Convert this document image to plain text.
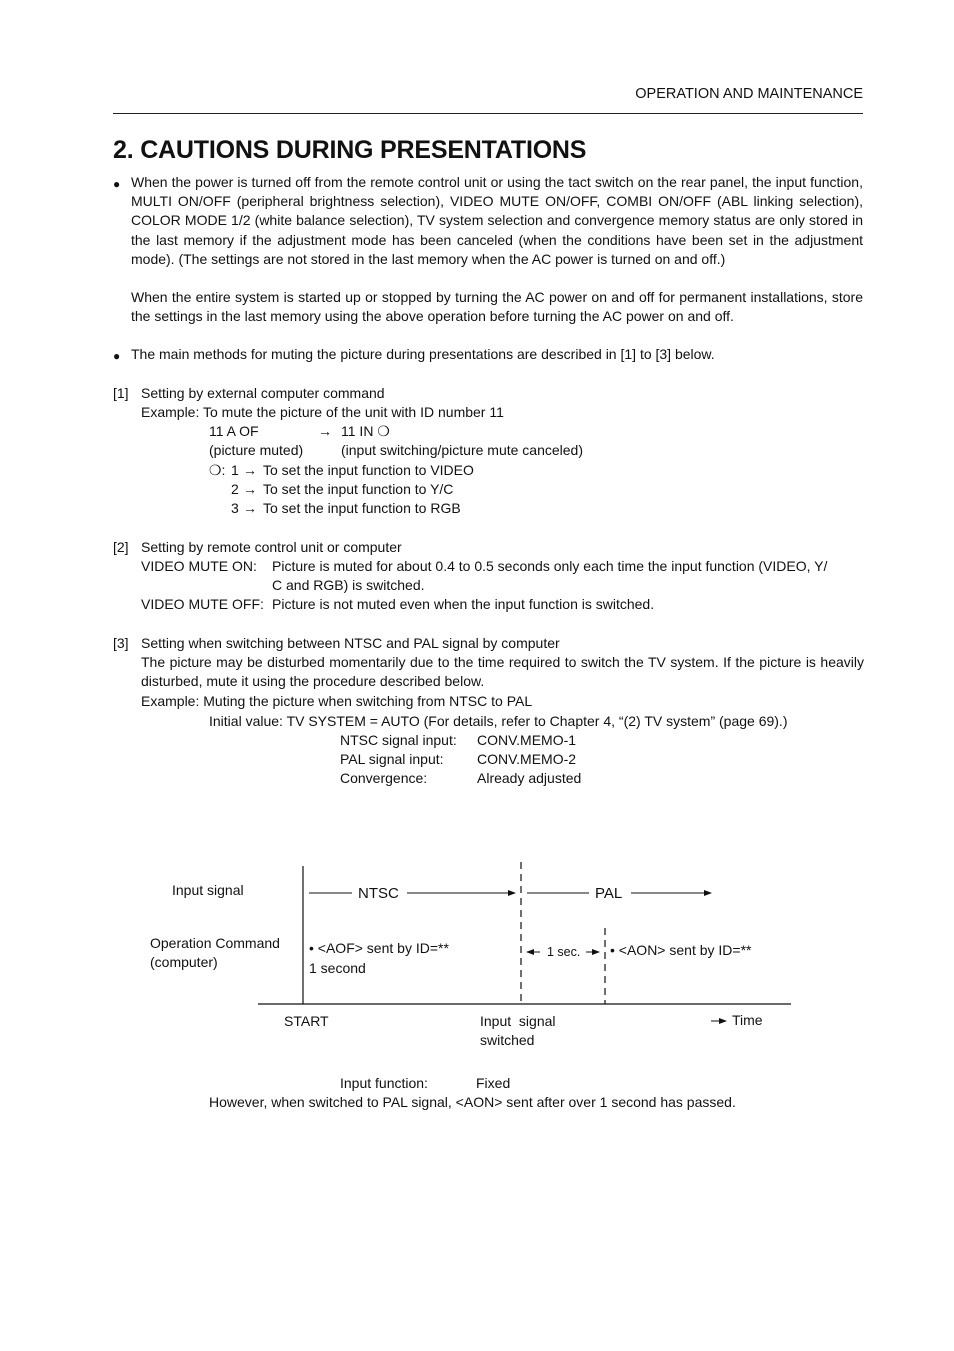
OPERATION AND MAINTENANCE
2. CAUTIONS DURING PRESENTATIONS
● When the power is turned off from the remote control unit or using the tact switch on the rear panel, the input function, MULTI ON/OFF (peripheral brightness selection), VIDEO MUTE ON/OFF, COMBI ON/OFF (ABL linking selection), COLOR MODE 1/2 (white balance selection), TV system selection and convergence memory status are only stored in the last memory if the adjustment mode has been canceled (when the conditions have been set in the adjustment mode). (The settings are not stored in the last memory when the AC power is turned on and off.)
When the entire system is started up or stopped by turning the AC power on and off for permanent installations, store the settings in the last memory using the above operation before turning the AC power on and off.
● The main methods for muting the picture during presentations are described in [1] to [3] below.
[1] Setting by external computer command
Example: To mute the picture of the unit with ID number 11
11 A OF	→ 11 IN ❍
(picture muted)	(input switching/picture mute canceled)
❍: 1 → To set the input function to VIDEO
2 → To set the input function to Y/C
3 → To set the input function to RGB
[2] Setting by remote control unit or computer
VIDEO MUTE ON: Picture is muted for about 0.4 to 0.5 seconds only each time the input function (VIDEO, Y/
C and RGB) is switched.
VIDEO MUTE OFF: Picture is not muted even when the input function is switched.
[3] Setting when switching between NTSC and PAL signal by computer
The picture may be disturbed momentarily due to the time required to switch the TV system. If the picture is heavily disturbed, mute it using the procedure described below.
Example: Muting the picture when switching from NTSC to PAL
Initial value: TV SYSTEM = AUTO (For details, refer to Chapter 4, “(2) TV system” (page 69).)
NTSC signal input: CONV.MEMO-1
PAL signal input: CONV.MEMO-2
Convergence:	Already adjusted
Input signal	NTSC	PAL
Operation Command
(computer)
• <AOF> sent by ID=**
1 second
1 sec. • <AON> sent by ID=**
START	Input  signal
switched
Time
Input function:	Fixed
However, when switched to PAL signal, <AON> sent after over 1 second has passed.
